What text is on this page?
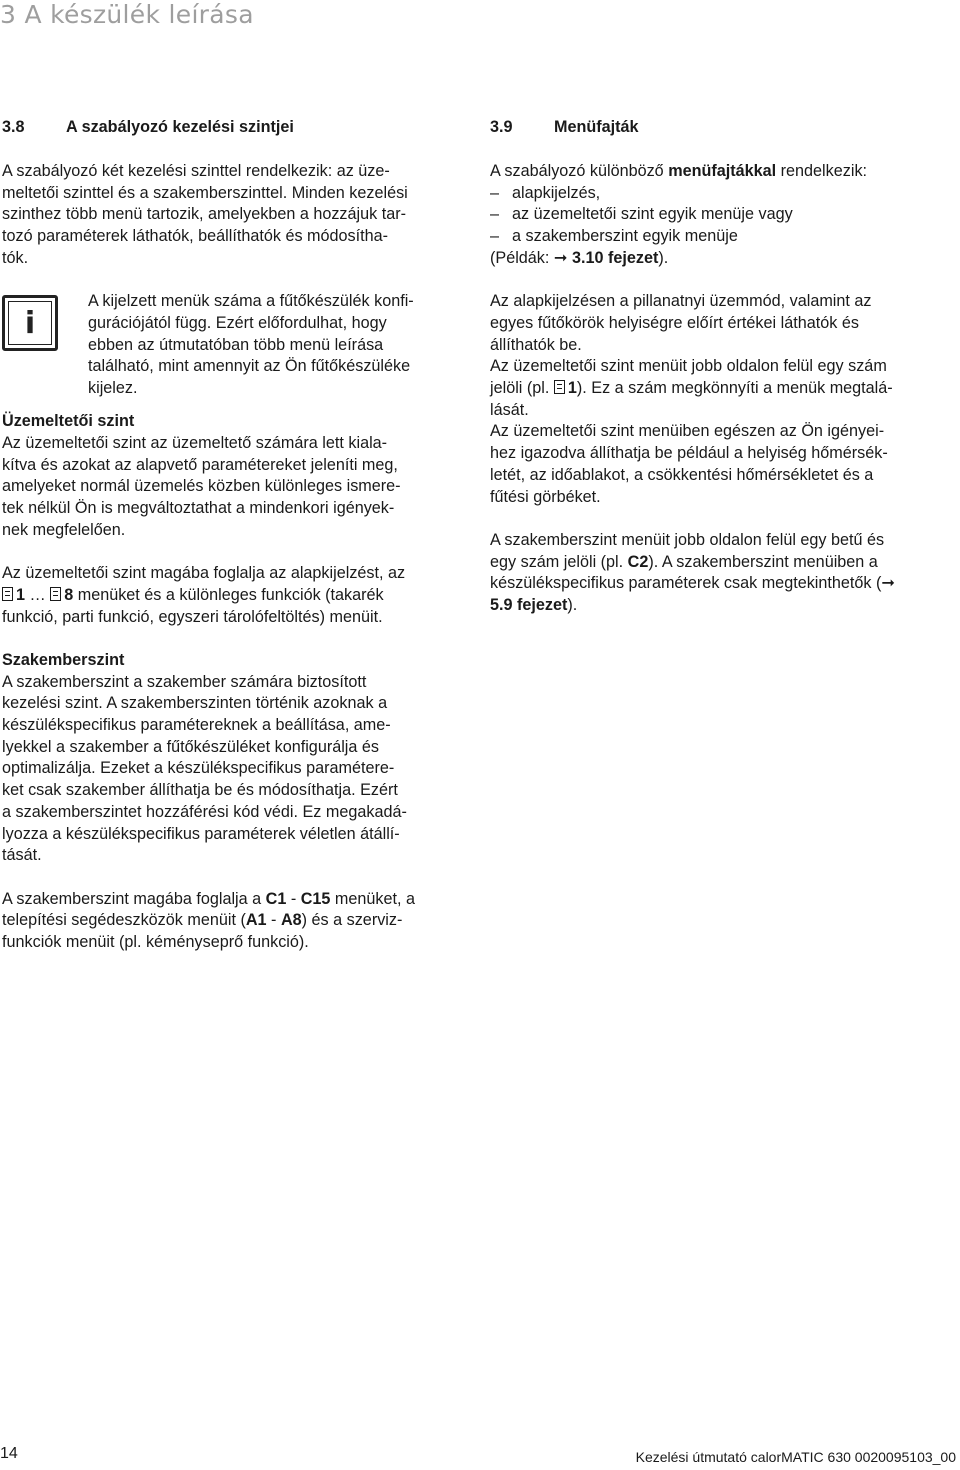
3 A készülék leírása
3.8	A szabályozó kezelési szintjei

A szabályozó két kezelési szinttel rendelkezik: az üze-
meltetői szinttel és a szakemberszinttel. Minden kezelési
szinthez több menü tartozik, amelyekben a hozzájuk tar-
tozó paraméterek láthatók, beállíthatók és módosítha-
tók.

i

A kijelzett menük száma a fűtőkészülék konfi-
gurációjától függ. Ezért előfordulhat, hogy
ebben az útmutatóban több menü leírása
található, mint amennyit az Ön fűtőkészüléke
kijelez.

Üzemeltetői szint
Az üzemeltetői szint az üzemeltető számára lett kiala-
kítva és azokat az alapvető paramétereket jeleníti meg,
amelyeket normál üzemelés közben különleges ismere-
tek nélkül Ön is megváltoztathat a mindenkori igények-
nek megfelelően.

Az üzemeltetői szint magába foglalja az alapkijelzést, az
1 … 8 menüket és a különleges funkciók (takarék
funkció, parti funkció, egyszeri tárolófeltöltés) menüit.

Szakemberszint
A szakemberszint a szakember számára biztosított
kezelési szint. A szakemberszinten történik azoknak a
készülékspecifikus paramétereknek a beállítása, ame-
lyekkel a szakember a fűtőkészüléket konfigurálja és
optimalizálja. Ezeket a készülékspecifikus paramétere-
ket csak szakember állíthatja be és módosíthatja. Ezért
a szakemberszintet hozzáférési kód védi. Ez megakadá-
lyozza a készülékspecifikus paraméterek véletlen átállí-
tását.

A szakemberszint magába foglalja a C1 - C15 menüket, a
telepítési segédeszközök menüit (A1 - A8) és a szerviz-
funkciók menüit (pl. kéményseprő funkció).

3.9	Menüfajták

A szabályozó különböző menüfajtákkal rendelkezik:

– alapkijelzés,
– az üzemeltetői szint egyik menüje vagy
– a szakemberszint egyik menüje

(Példák: ➞ 3.10 fejezet).

Az alapkijelzésen a pillanatnyi üzemmód, valamint az
egyes fűtőkörök helyiségre előírt értékei láthatók és
állíthatók be.

Az üzemeltetői szint menüit jobb oldalon felül egy szám
jelöli (pl. 1). Ez a szám megkönnyíti a menük megtalá-
lását.

Az üzemeltetői szint menüiben egészen az Ön igényei-
hez igazodva állíthatja be például a helyiség hőmérsék-
letét, az időablakot, a csökkentési hőmérsékletet és a
fűtési görbéket.

A szakemberszint menüit jobb oldalon felül egy betű és
egy szám jelöli (pl. C2). A szakemberszint menüiben a
készülékspecifikus paraméterek csak megtekinthetők (➞
5.9 fejezet).

14	Kezelési útmutató calorMATIC 630 0020095103_00
